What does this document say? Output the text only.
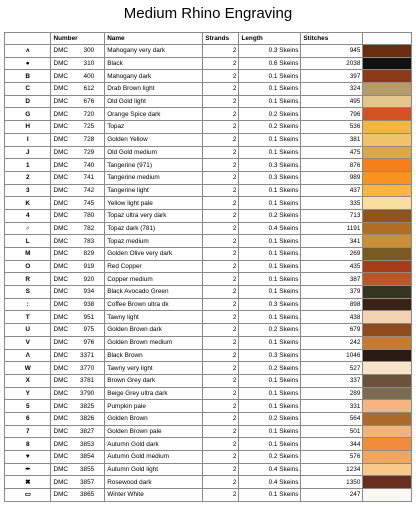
Medium Rhino Engraving
	Number	Name	Strands	Length	Stitches	
ʌ	DMC 300	Mahogany very dark	2	0.3 Skeins	945	
●	DMC 310	Black	2	0.6 Skeins	2038	
B	DMC 400	Mahogany dark	2	0.1 Skeins	397	
C	DMC 612	Drab Brown light	2	0.1 Skeins	324	
D	DMC 676	Old Gold light	2	0.1 Skeins	495	
G	DMC 720	Orange Spice dark	2	0.2 Skeins	796	
H	DMC 725	Topaz	2	0.2 Skeins	536	
I	DMC 728	Golden Yellow	2	0.1 Skeins	381	
J	DMC 729	Old Gold medium	2	0.1 Skeins	475	
1	DMC 740	Tangerine (971)	2	0.3 Skeins	876	
2	DMC 741	Tangerine medium	2	0.3 Skeins	989	
3	DMC 742	Tangerine light	2	0.1 Skeins	437	
K	DMC 745	Yellow light pale	2	0.1 Skeins	335	
4	DMC 780	Topaz ultra very dark	2	0.2 Skeins	713	
♂	DMC 782	Topaz dark (781)	2	0.4 Skeins	1191	
L	DMC 783	Topaz medium	2	0.1 Skeins	341	
M	DMC 829	Golden Olive very dark	2	0.1 Skeins	269	
O	DMC 919	Red Copper	2	0.1 Skeins	435	
R	DMC 920	Copper medium	2	0.1 Skeins	387	
S	DMC 934	Black Avocado Green	2	0.1 Skeins	379	
:	DMC 938	Coffee Brown ultra dk	2	0.3 Skeins	898	
T	DMC 951	Tawny light	2	0.1 Skeins	438	
U	DMC 975	Golden Brown dark	2	0.2 Skeins	679	
V	DMC 976	Golden Brown medium	2	0.1 Skeins	242	
Λ	DMC 3371	Black Brown	2	0.3 Skeins	1046	
W	DMC 3770	Tawny very light	2	0.2 Skeins	527	
X	DMC 3781	Brown Grey dark	2	0.1 Skeins	337	
Y	DMC 3790	Beige Grey ultra dark	2	0.1 Skeins	289	
5	DMC 3825	Pumpkin pale	2	0.1 Skeins	331	
6	DMC 3826	Golden Brown	2	0.2 Skeins	564	
7	DMC 3827	Golden Brown pale	2	0.1 Skeins	501	
8	DMC 3853	Autumn Gold dark	2	0.1 Skeins	344	
♥	DMC 3854	Autumn Gold medium	2	0.2 Skeins	576	
✒	DMC 3855	Autumn Gold light	2	0.4 Skeins	1234	
✖	DMC 3857	Rosewood dark	2	0.4 Skeins	1350	
▭	DMC 3865	Winter White	2	0.1 Skeins	247	
